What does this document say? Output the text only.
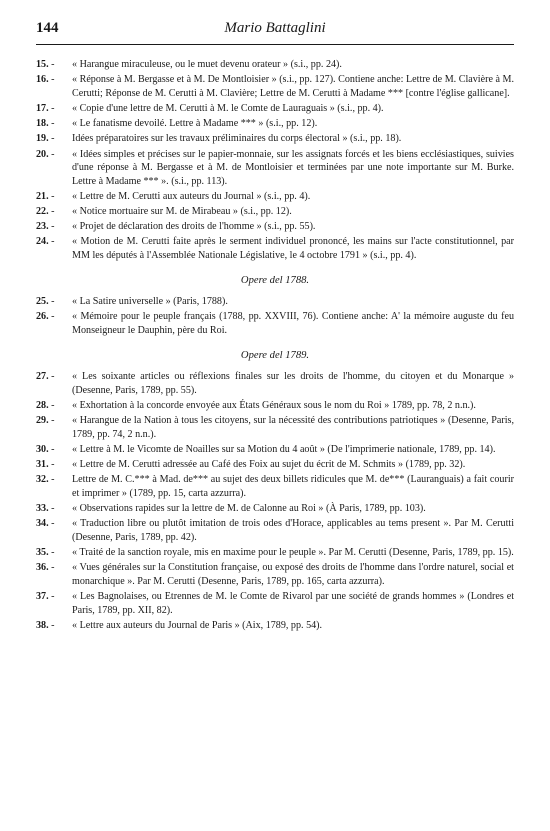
144	Mario Battaglini
15. -	« Harangue miraculeuse, ou le muet devenu orateur » (s.i., pp. 24).
16. -	« Réponse à M. Bergasse et à M. De Montloisier » (s.i., pp. 127). Contiene anche: Lettre de M. Clavière à M. Cerutti; Réponse de M. Cerutti à M. Clavière; Lettre de M. Cerutti à Madame *** [contre l'église gallicane].
17. -	« Copie d'une lettre de M. Cerutti à M. le Comte de Lauraguais » (s.i., pp. 4).
18. -	« Le fanatisme devoilé. Lettre à Madame *** » (s.i., pp. 12).
19. -	Idées préparatoires sur les travaux préliminaires du corps électoral » (s.i., pp. 18).
20. -	« Idées simples et précises sur le papier-monnaie, sur les assignats forcés et les biens ecclésiastiques, suivies d'une réponse à M. Bergasse et à M. de Montloisier et terminées par une note importante sur M. Burke. Lettre à Madame *** ». (s.i., pp. 113).
21. -	« Lettre de M. Cerutti aux auteurs du Journal » (s.i., pp. 4).
22. -	« Notice mortuaire sur M. de Mirabeau » (s.i., pp. 12).
23. -	« Projet de déclaration des droits de l'homme » (s.i., pp. 55).
24. -	« Motion de M. Cerutti faite après le serment individuel prononcé, les mains sur l'acte constitutionnel, par MM les députés à l'Assemblée Nationale Législative, le 4 octobre 1791 » (s.i., pp. 4).
Opere del 1788.
25. -	« La Satire universelle » (Paris, 1788).
26. -	« Mémoire pour le peuple français (1788, pp. XXVIII, 76). Contiene anche: A' la mémoire auguste du feu Monseigneur le Dauphin, père du Roi.
Opere del 1789.
27. -	« Les soixante articles ou réflexions finales sur les droits de l'homme, du citoyen et du Monarque » (Desenne, Paris, 1789, pp. 55).
28. -	« Exhortation à la concorde envoyée aux États Généraux sous le nom du Roi » 1789, pp. 78, 2 n.n.).
29. -	« Harangue de la Nation à tous les citoyens, sur la nécessité des contributions patriotiques » (Desenne, Paris, 1789, pp. 74, 2 n.n.).
30. -	« Lettre à M. le Vicomte de Noailles sur sa Motion du 4 août » (De l'imprimerie nationale, 1789, pp. 14).
31. -	« Lettre de M. Cerutti adressée au Café des Foix au sujet du écrit de M. Schmits » (1789, pp. 32).
32. -	Lettre de M. C.*** à Mad. de*** au sujet des deux billets ridicules que M. de*** (Lauranguais) a fait courir et imprimer » (1789, pp. 15, carta azzurra).
33. -	« Observations rapides sur la lettre de M. de Calonne au Roi » (À Paris, 1789, pp. 103).
34. -	« Traduction libre ou plutôt imitation de trois odes d'Horace, applicables au tems present ». Par M. Cerutti (Desenne, Paris, 1789, pp. 42).
35. -	« Traité de la sanction royale, mis en maxime pour le peuple ». Par M. Cerutti (Desenne, Paris, 1789, pp. 15).
36. -	« Vues générales sur la Constitution française, ou exposé des droits de l'homme dans l'ordre naturel, social et monarchique ». Par M. Cerutti (Desenne, Paris, 1789, pp. 165, carta azzurra).
37. -	« Les Bagnolaises, ou Etrennes de M. le Comte de Rivarol par une société de grands hommes » (Londres et Paris, 1789, pp. XII, 82).
38. -	« Lettre aux auteurs du Journal de Paris » (Aix, 1789, pp. 54).
